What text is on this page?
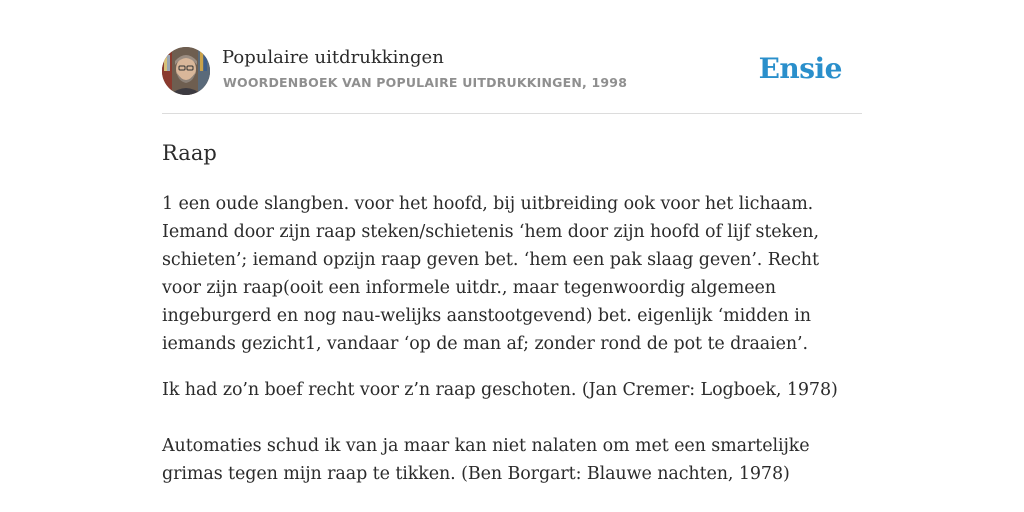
Populaire uitdrukkingen
WOORDENBOEK VAN POPULAIRE UITDRUKKINGEN, 1998	Ensie
Raap
1 een oude slangben. voor het hoofd, bij uitbreiding ook voor het lichaam. Iemand door zijn raap steken/schietenis ‘hem door zijn hoofd of lijf steken, schieten’; iemand opzijn raap geven bet. ‘hem een pak slaag geven’. Recht voor zijn raap(ooit een informele uitdr., maar tegenwoordig algemeen ingeburgerd en nog nau-welijks aanstootgevend) bet. eigenlijk ‘midden in iemands gezicht1, vandaar ‘op de man af; zonder rond de pot te draaien’.
Ik had zo’n boef recht voor z’n raap geschoten. (Jan Cremer: Logboek, 1978)
Automaties schud ik van ja maar kan niet nalaten om met een smartelijke grimas tegen mijn raap te tikken. (Ben Borgart: Blauwe nachten, 1978)
